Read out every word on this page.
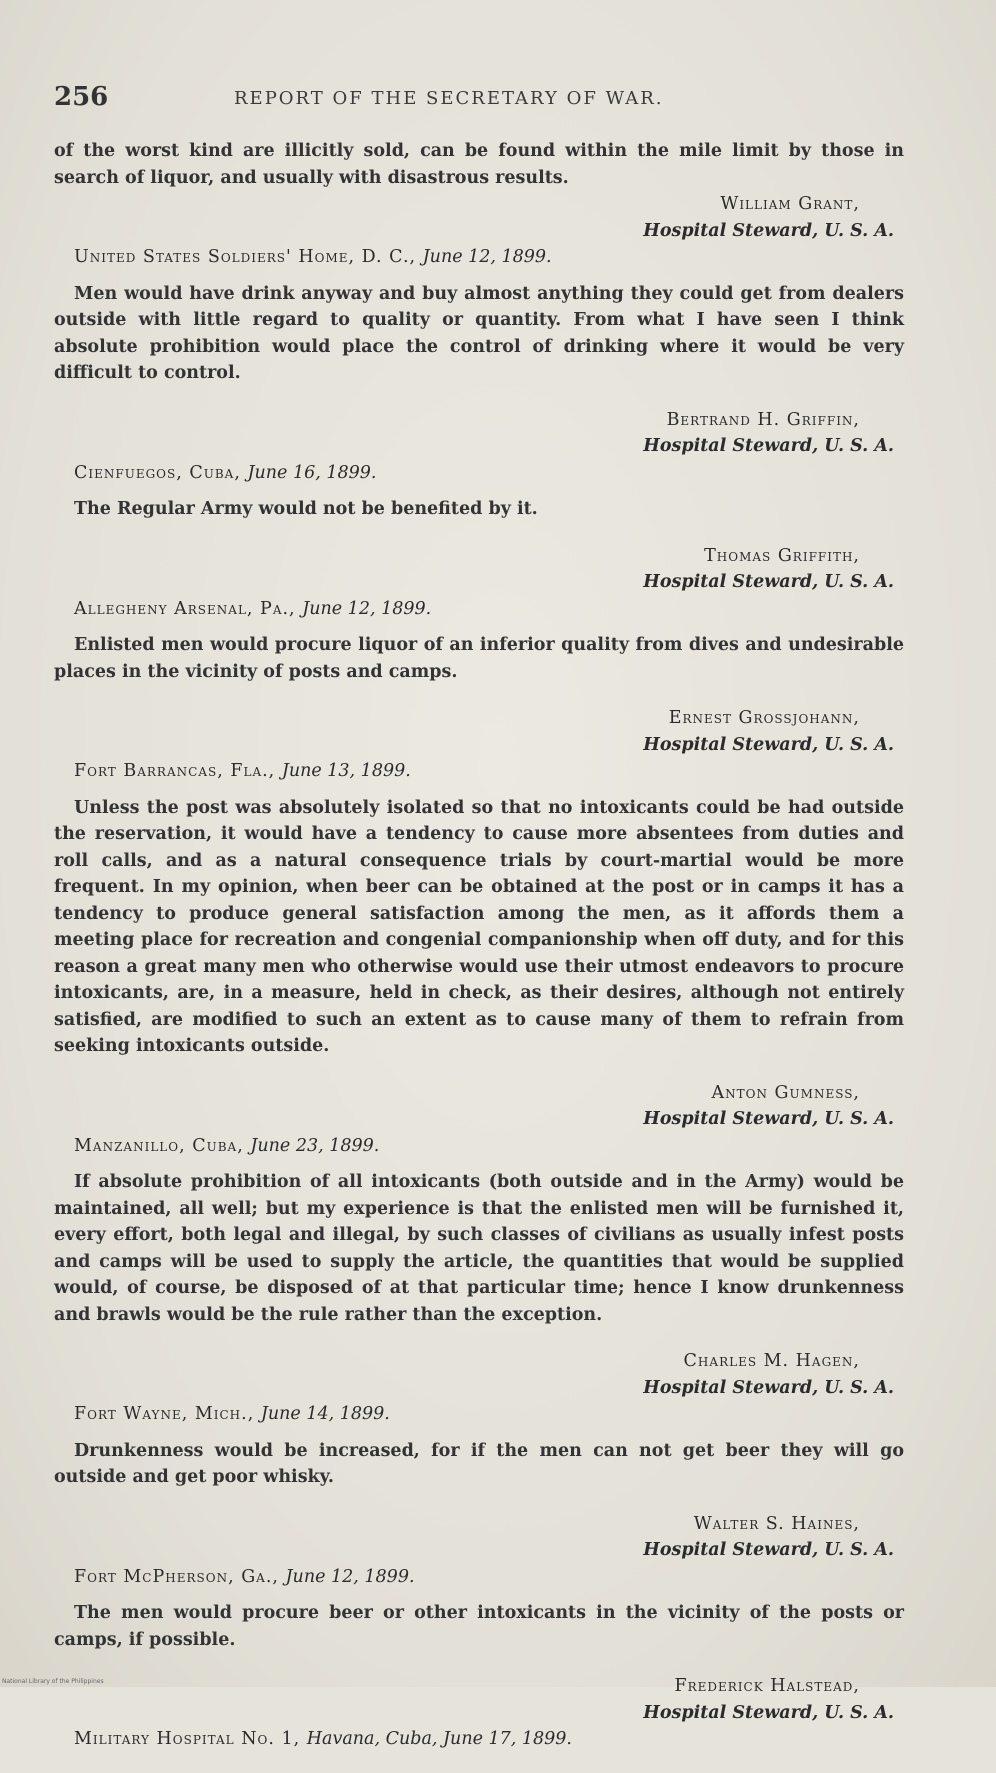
256	REPORT OF THE SECRETARY OF WAR.

of the worst kind are illicitly sold, can be found within the mile limit by those in search of liquor, and usually with disastrous results.

William Grant,

Hospital Steward, U. S. A.

United States Soldiers' Home, D. C., June 12, 1899.

Men would have drink anyway and buy almost anything they could get from dealers outside with little regard to quality or quantity. From what I have seen I think absolute prohibition would place the control of drinking where it would be very difficult to control.

Bertrand H. Griffin,

Hospital Steward, U. S. A.

Cienfuegos, Cuba, June 16, 1899.

The Regular Army would not be benefited by it.

Thomas Griffith,

Hospital Steward, U. S. A.

Allegheny Arsenal, Pa., June 12, 1899.

Enlisted men would procure liquor of an inferior quality from dives and undesirable places in the vicinity of posts and camps.

Ernest Grossjohann,

Hospital Steward, U. S. A.

Fort Barrancas, Fla., June 13, 1899.

Unless the post was absolutely isolated so that no intoxicants could be had outside the reservation, it would have a tendency to cause more absentees from duties and roll calls, and as a natural consequence trials by court-martial would be more frequent. In my opinion, when beer can be obtained at the post or in camps it has a tendency to produce general satisfaction among the men, as it affords them a meeting place for recreation and congenial companionship when off duty, and for this reason a great many men who otherwise would use their utmost endeavors to procure intoxicants, are, in a measure, held in check, as their desires, although not entirely satisfied, are modified to such an extent as to cause many of them to refrain from seeking intoxicants outside.

Anton Gumness,

Hospital Steward, U. S. A.

Manzanillo, Cuba, June 23, 1899.

If absolute prohibition of all intoxicants (both outside and in the Army) would be maintained, all well; but my experience is that the enlisted men will be furnished it, every effort, both legal and illegal, by such classes of civilians as usually infest posts and camps will be used to supply the article, the quantities that would be supplied would, of course, be disposed of at that particular time; hence I know drunkenness and brawls would be the rule rather than the exception.

Charles M. Hagen,

Hospital Steward, U. S. A.

Fort Wayne, Mich., June 14, 1899.

Drunkenness would be increased, for if the men can not get beer they will go outside and get poor whisky.

Walter S. Haines,

Hospital Steward, U. S. A.

Fort McPherson, Ga., June 12, 1899.

The men would procure beer or other intoxicants in the vicinity of the posts or camps, if possible.

Frederick Halstead,

Hospital Steward, U. S. A.

Military Hospital No. 1, Havana, Cuba, June 17, 1899.

National Library of the Philippines
